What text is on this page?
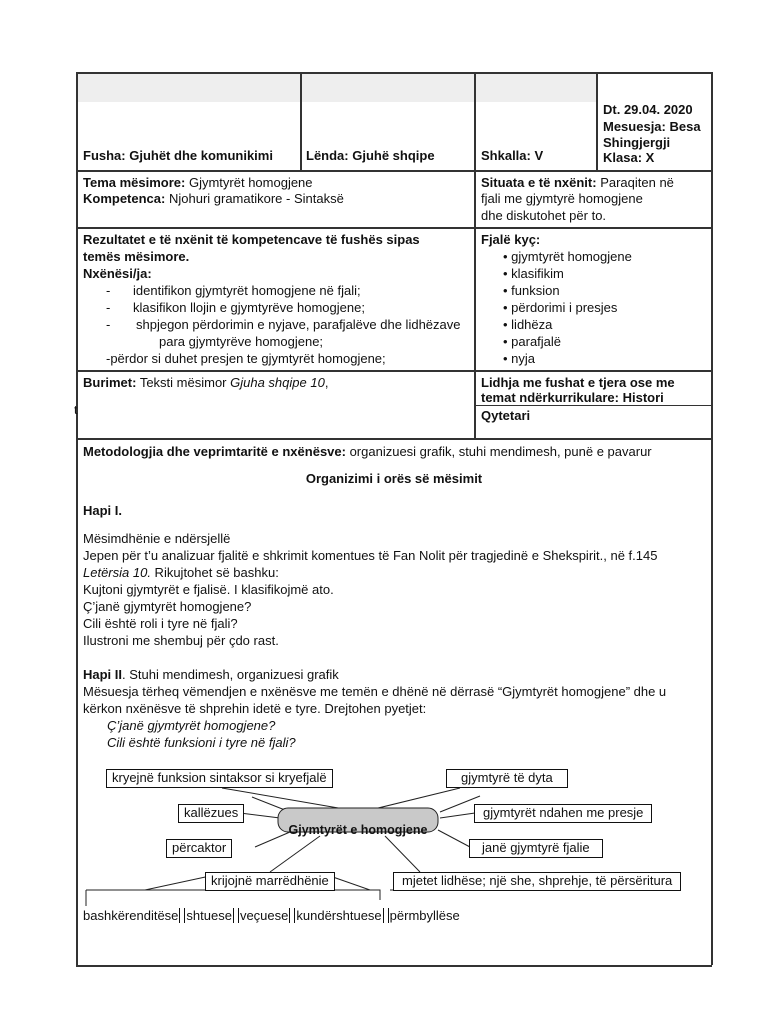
Fusha: Gjuhët dhe komunikimi	Lënda: Gjuhë shqipe	Shkalla: V
Dt. 29.04. 2020
Mesuesja: Besa
Shingjergji
Klasa: X
Tema mësimore: Gjymtyrët homogjene
Kompetenca: Njohuri gramatikore - Sintaksë
Situata e të nxënit: Paraqiten në
fjali me gjymtyrë homogjene
dhe diskutohet për to.
Rezultatet e të nxënit të kompetencave të fushës sipas
temës mësimore.
Nxënësi/ja:
- identifikon gjymtyrët homogjene në fjali;
- klasifikon llojin e gjymtyrëve homogjene;
- shpjegon përdorimin e nyjave, parafjalëve dhe lidhëzave
para gjymtyrëve homogjene;
-përdor si duhet presjen te gjymtyrët homogjene;
Fjalë kyç:
• gjymtyrët homogjene
• klasifikim
• funksion
• përdorimi i presjes
• lidhëza
• parafjalë
• nyja
Burimet: Teksti mësimor Gjuha shqipe 10,
t
Lidhja me fushat e tjera ose me
temat ndërkurrikulare: Histori
Qytetari
Metodologjia dhe veprimtaritë e nxënësve: organizuesi grafik, stuhi mendimesh, punë e pavarur
Organizimi i orës së mësimit
Hapi I.
Mësimdhënie e ndërsjellë
Jepen për t’u analizuar fjalitë e shkrimit komentues të Fan Nolit për tragjedinë e Shekspirit., në f.145
Letërsia 10. Rikujtohet së bashku:
Kujtoni gjymtyrët e fjalisë. I klasifikojmë ato.
Ç’janë gjymtyrët homogjene?
Cili është roli i tyre në fjali?
Ilustroni me shembuj për çdo rast.
Hapi II. Stuhi mendimesh, organizuesi grafik
Mësuesja tërheq vëmendjen e nxënësve me temën e dhënë në dërrasë “Gjymtyrët homogjene” dhe u
kërkon nxënësve të shprehin idetë e tyre. Drejtohen pyetjet:
Ç’janë gjymtyrët homogjene?
Cili është funksioni i tyre në fjali?
Gjymtyrët e homogjene
kryejnë funksion sintaksor si kryefjalë
kallëzues
përcaktor
krijojnë marrëdhënie
gjymtyrë të dyta
gjymtyrët ndahen me presje
janë gjymtyrë fjalie
mjetet lidhëse; një she, shprehje, të përsëritura
bashkërenditëse shtuese veçuese kundërshtuese përmbyllëse
